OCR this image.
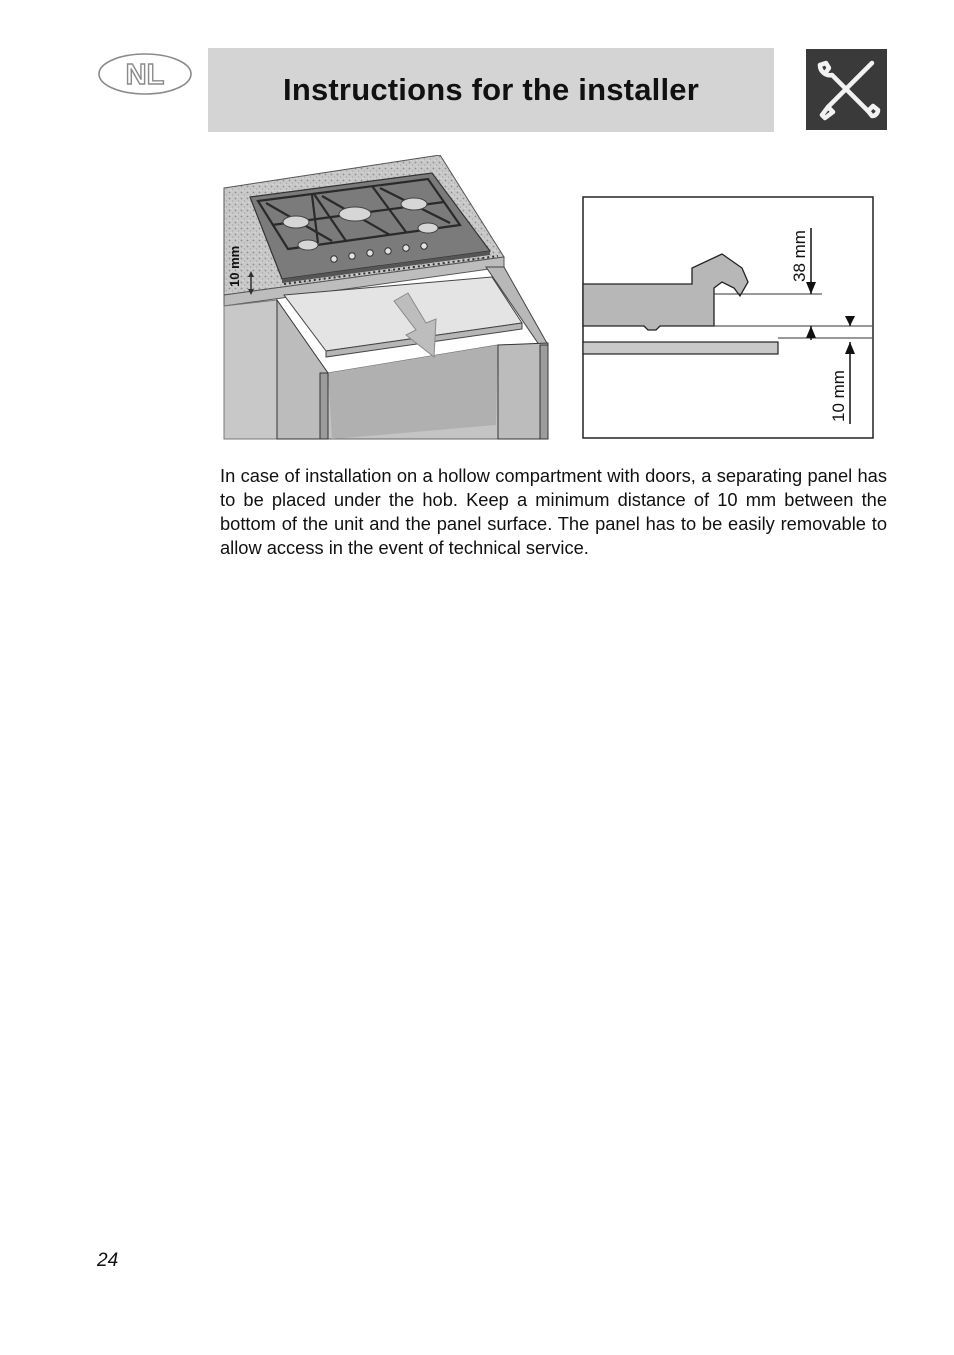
NL	Instructions for the installer
10 mm	38 mm
10 mm

In case of installation on a hollow compartment with doors, a separating panel has to be placed under the hob. Keep a minimum distance of 10 mm between the bottom of the unit and the panel surface. The panel has to be easily removable to allow access in the event of technical service.

24
